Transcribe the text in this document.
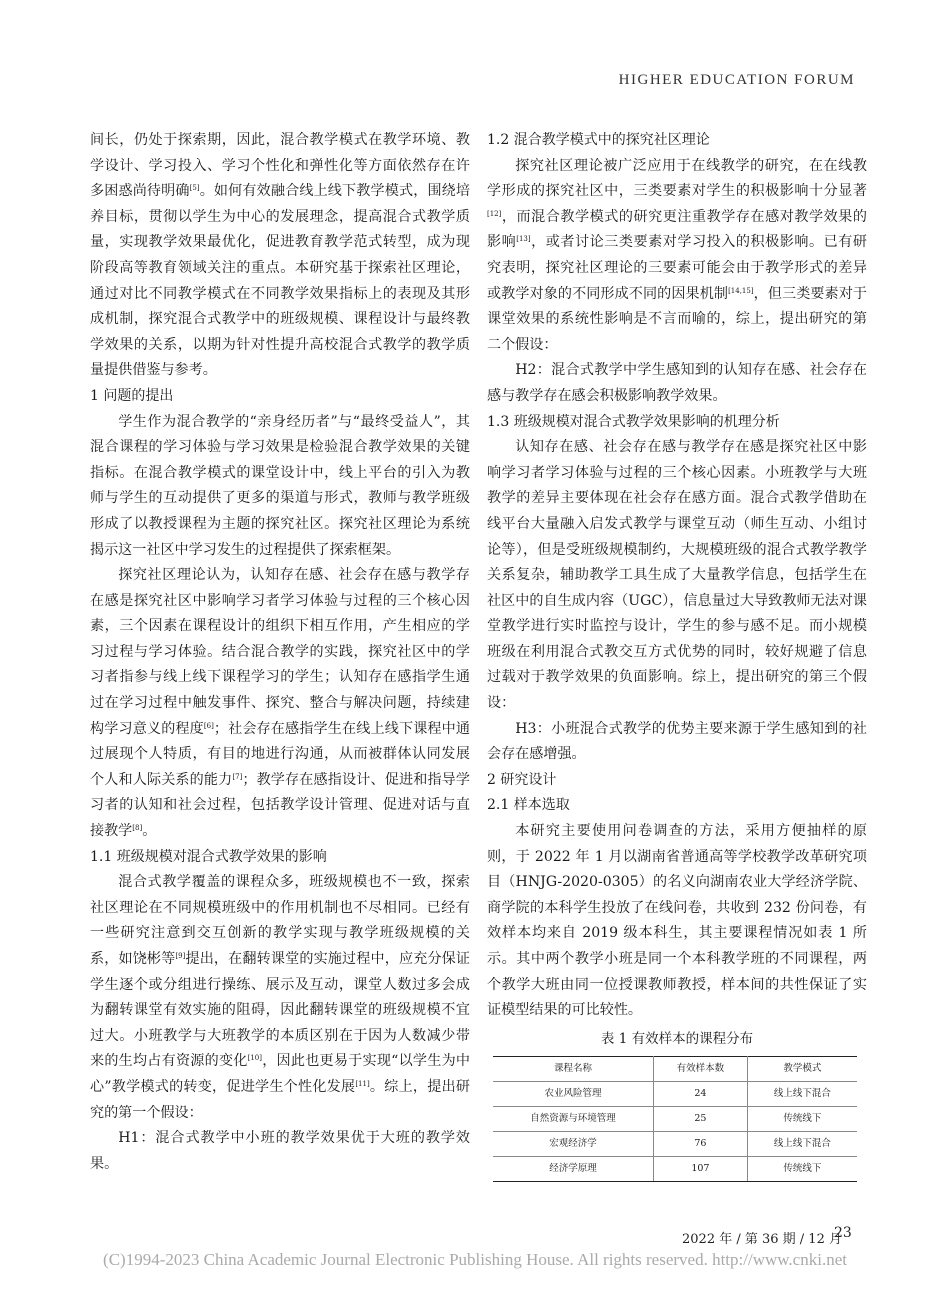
HIGHER EDUCATION FORUM

间长，仍处于探索期，因此，混合教学模式在教学环境、教学设计、学习投入、学习个性化和弹性化等方面依然存在许多困惑尚待明确[5]。如何有效融合线上线下教学模式，围绕培养目标，贯彻以学生为中心的发展理念，提高混合式教学质量，实现教学效果最优化，促进教育教学范式转型，成为现阶段高等教育领域关注的重点。本研究基于探索社区理论，通过对比不同教学模式在不同教学效果指标上的表现及其形成机制，探究混合式教学中的班级规模、课程设计与最终教学效果的关系，以期为针对性提升高校混合式教学的教学质量提供借鉴与参考。

1 问题的提出

学生作为混合教学的“亲身经历者”与“最终受益人”，其混合课程的学习体验与学习效果是检验混合教学效果的关键指标。在混合教学模式的课堂设计中，线上平台的引入为教师与学生的互动提供了更多的渠道与形式，教师与教学班级形成了以教授课程为主题的探究社区。探究社区理论为系统揭示这一社区中学习发生的过程提供了探索框架。

探究社区理论认为，认知存在感、社会存在感与教学存在感是探究社区中影响学习者学习体验与过程的三个核心因素，三个因素在课程设计的组织下相互作用，产生相应的学习过程与学习体验。结合混合教学的实践，探究社区中的学习者指参与线上线下课程学习的学生；认知存在感指学生通过在学习过程中触发事件、探究、整合与解决问题，持续建构学习意义的程度[6]；社会存在感指学生在线上线下课程中通过展现个人特质，有目的地进行沟通，从而被群体认同发展个人和人际关系的能力[7]；教学存在感指设计、促进和指导学习者的认知和社会过程，包括教学设计管理、促进对话与直接教学[8]。

1.1 班级规模对混合式教学效果的影响

混合式教学覆盖的课程众多，班级规模也不一致，探索社区理论在不同规模班级中的作用机制也不尽相同。已经有一些研究注意到交互创新的教学实现与教学班级规模的关系，如饶彬等[9]提出，在翻转课堂的实施过程中，应充分保证学生逐个或分组进行操练、展示及互动，课堂人数过多会成为翻转课堂有效实施的阻碍，因此翻转课堂的班级规模不宜过大。小班教学与大班教学的本质区别在于因为人数减少带来的生均占有资源的变化[10]，因此也更易于实现“以学生为中心”教学模式的转变，促进学生个性化发展[11]。综上，提出研究的第一个假设：

H1：混合式教学中小班的教学效果优于大班的教学效果。

1.2 混合教学模式中的探究社区理论

探究社区理论被广泛应用于在线教学的研究，在在线教学形成的探究社区中，三类要素对学生的积极影响十分显著[12]，而混合教学模式的研究更注重教学存在感对教学效果的影响[13]，或者讨论三类要素对学习投入的积极影响。已有研究表明，探究社区理论的三要素可能会由于教学形式的差异或教学对象的不同形成不同的因果机制[14,15]，但三类要素对于课堂效果的系统性影响是不言而喻的，综上，提出研究的第二个假设：

H2：混合式教学中学生感知到的认知存在感、社会存在感与教学存在感会积极影响教学效果。

1.3 班级规模对混合式教学效果影响的机理分析

认知存在感、社会存在感与教学存在感是探究社区中影响学习者学习体验与过程的三个核心因素。小班教学与大班教学的差异主要体现在社会存在感方面。混合式教学借助在线平台大量融入启发式教学与课堂互动（师生互动、小组讨论等），但是受班级规模制约，大规模班级的混合式教学教学关系复杂，辅助教学工具生成了大量教学信息，包括学生在社区中的自生成内容（UGC），信息量过大导致教师无法对课堂教学进行实时监控与设计，学生的参与感不足。而小规模班级在利用混合式教交互方式优势的同时，较好规避了信息过载对于教学效果的负面影响。综上，提出研究的第三个假设：

H3：小班混合式教学的优势主要来源于学生感知到的社会存在感增强。

2 研究设计
2.1 样本选取

本研究主要使用问卷调查的方法，采用方便抽样的原则，于 2022 年 1 月以湖南省普通高等学校教学改革研究项目（HNJG-2020-0305）的名义向湖南农业大学经济学院、商学院的本科学生投放了在线问卷，共收到 232 份问卷，有效样本均来自 2019 级本科生，其主要课程情况如表 1 所示。其中两个教学小班是同一个本科教学班的不同课程，两个教学大班由同一位授课教师教授，样本间的共性保证了实证模型结果的可比较性。

表 1 有效样本的课程分布
课程名称	有效样本数	教学模式
农业风险管理	24	线上线下混合
自然资源与环境管理	25	传统线下
宏观经济学	76	线上线下混合
经济学原理	107	传统线下
2022 年 / 第 36 期 / 12 月
23
(C)1994-2023 China Academic Journal Electronic Publishing House. All rights reserved. http://www.cnki.net
